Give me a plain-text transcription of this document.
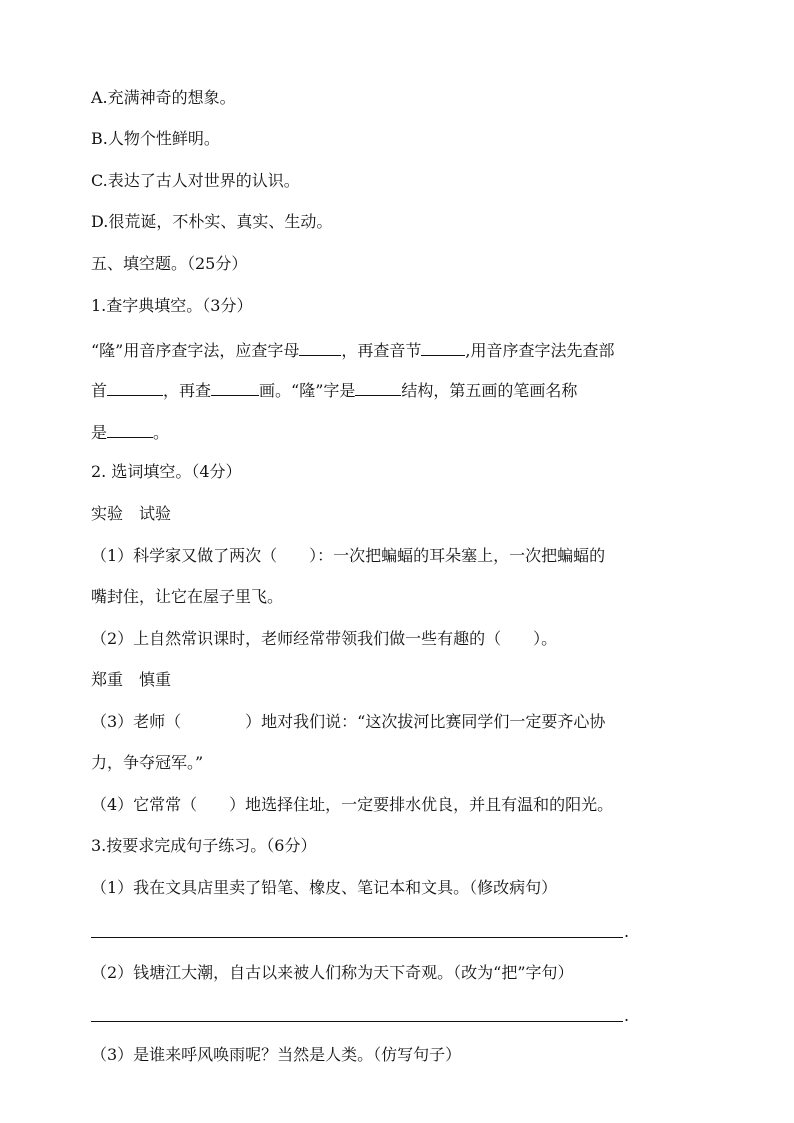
A.充满神奇的想象。
B.人物个性鲜明。
C.表达了古人对世界的认识。
D.很荒诞，不朴实、真实、生动。
五、填空题。（25分）
1.查字典填空。（3分）
“隆”用音序查字法，应查字母	，再查音节	,用音序查字法先查部
首	，再查	画。“隆”字是	结构，第五画的笔画名称
是	。
2. 选词填空。（4分）
实验　试验
（1）科学家又做了两次（　　）：一次把蝙蝠的耳朵塞上，一次把蝙蝠的
嘴封住，让它在屋子里飞。
（2）上自然常识课时，老师经常带领我们做一些有趣的（　　）。
郑重　慎重
（3）老师（　　　　）地对我们说：“这次拔河比赛同学们一定要齐心协
力，争夺冠军。”
（4）它常常（　　）地选择住址，一定要排水优良，并且有温和的阳光。
3.按要求完成句子练习。（6分）
（1）我在文具店里卖了铅笔、橡皮、笔记本和文具。（修改病句）
.
（2）钱塘江大潮，自古以来被人们称为天下奇观。（改为“把”字句）
.
（3）是谁来呼风唤雨呢？当然是人类。（仿写句子）
